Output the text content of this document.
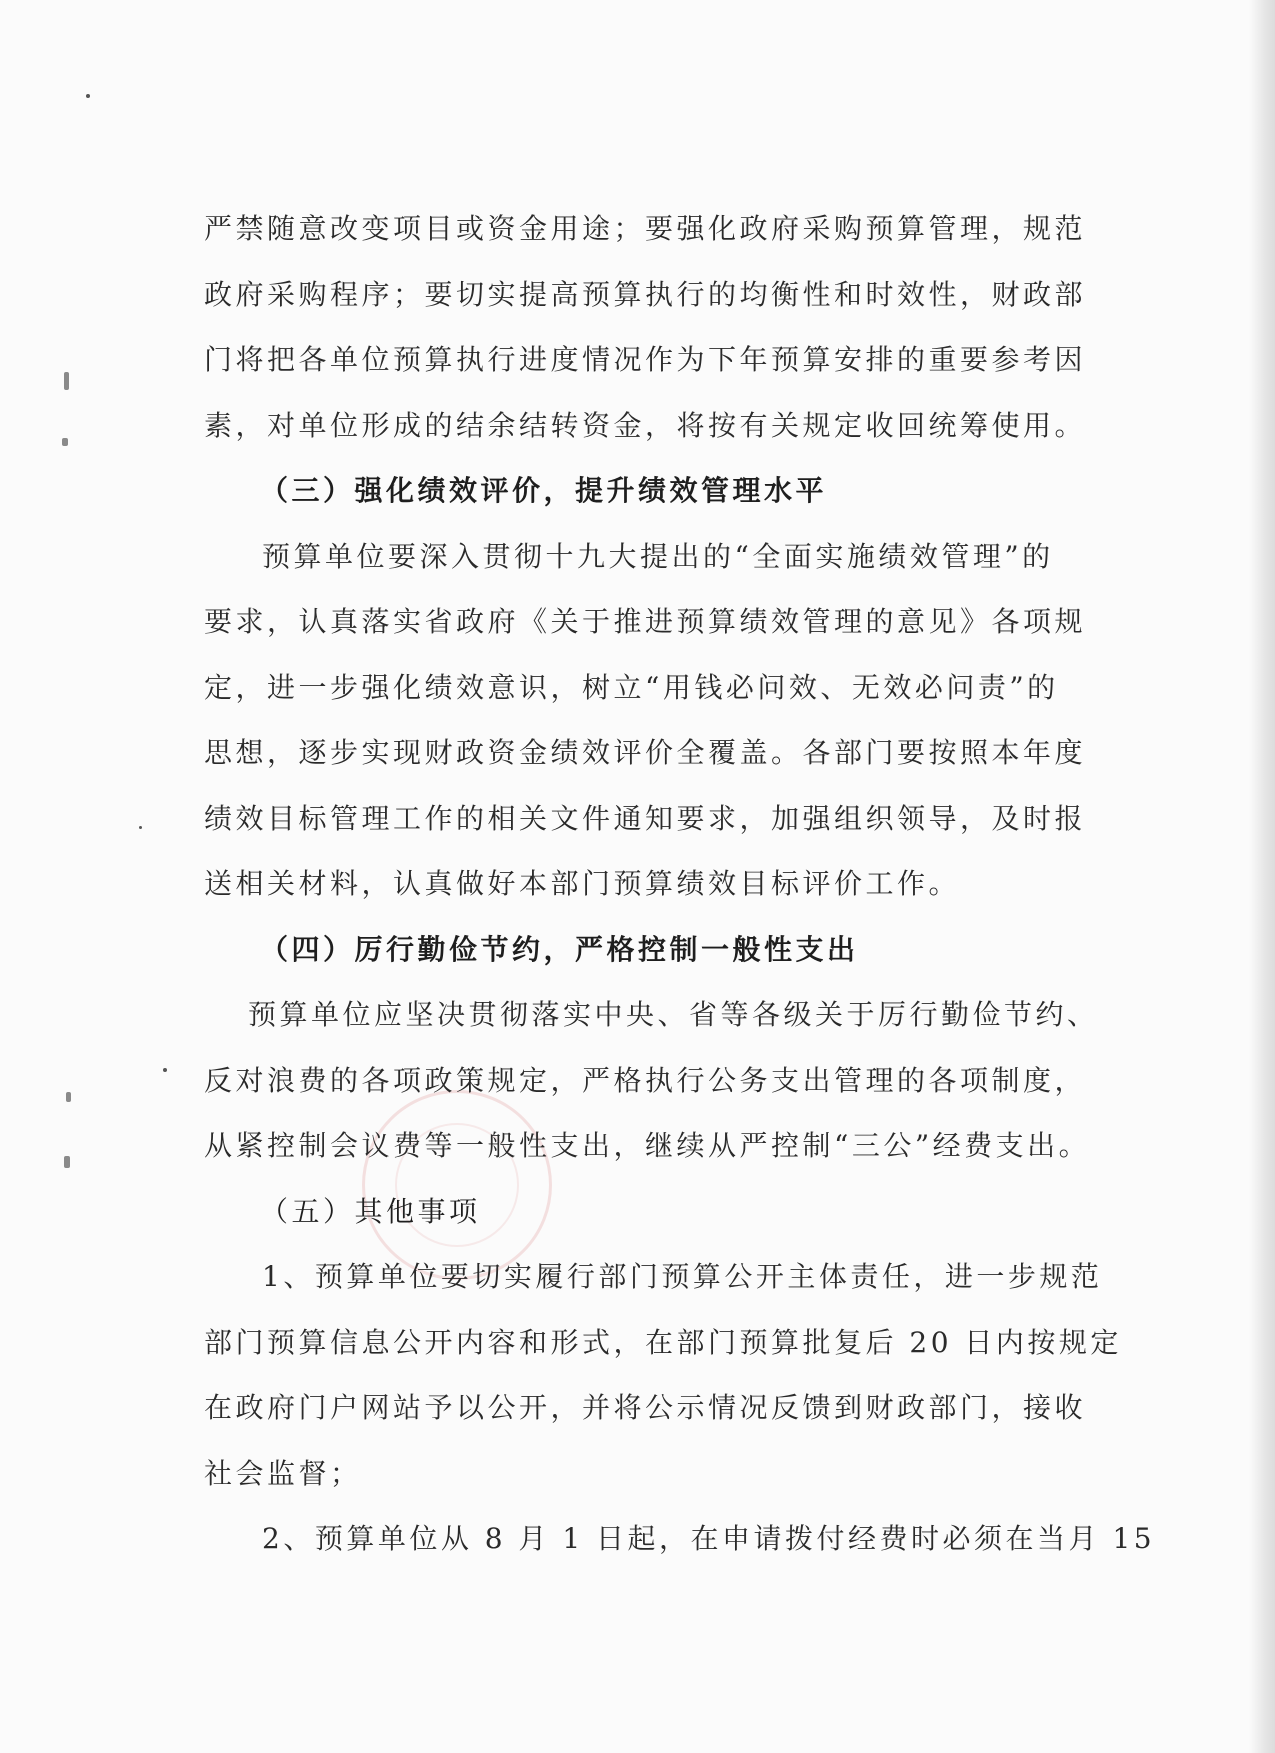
严禁随意改变项目或资金用途；要强化政府采购预算管理，规范
政府采购程序；要切实提高预算执行的均衡性和时效性，财政部
门将把各单位预算执行进度情况作为下年预算安排的重要参考因
素，对单位形成的结余结转资金，将按有关规定收回统筹使用。
（三）强化绩效评价，提升绩效管理水平
预算单位要深入贯彻十九大提出的“全面实施绩效管理”的
要求，认真落实省政府《关于推进预算绩效管理的意见》各项规
定，进一步强化绩效意识，树立“用钱必问效、无效必问责”的
思想，逐步实现财政资金绩效评价全覆盖。各部门要按照本年度
绩效目标管理工作的相关文件通知要求，加强组织领导，及时报
送相关材料，认真做好本部门预算绩效目标评价工作。
（四）厉行勤俭节约，严格控制一般性支出
预算单位应坚决贯彻落实中央、省等各级关于厉行勤俭节约、
反对浪费的各项政策规定，严格执行公务支出管理的各项制度，
从紧控制会议费等一般性支出，继续从严控制“三公”经费支出。
（五）其他事项
1、预算单位要切实履行部门预算公开主体责任，进一步规范
部门预算信息公开内容和形式，在部门预算批复后 20 日内按规定
在政府门户网站予以公开，并将公示情况反馈到财政部门，接收
社会监督；
2、预算单位从 8 月 1 日起，在申请拨付经费时必须在当月 15
